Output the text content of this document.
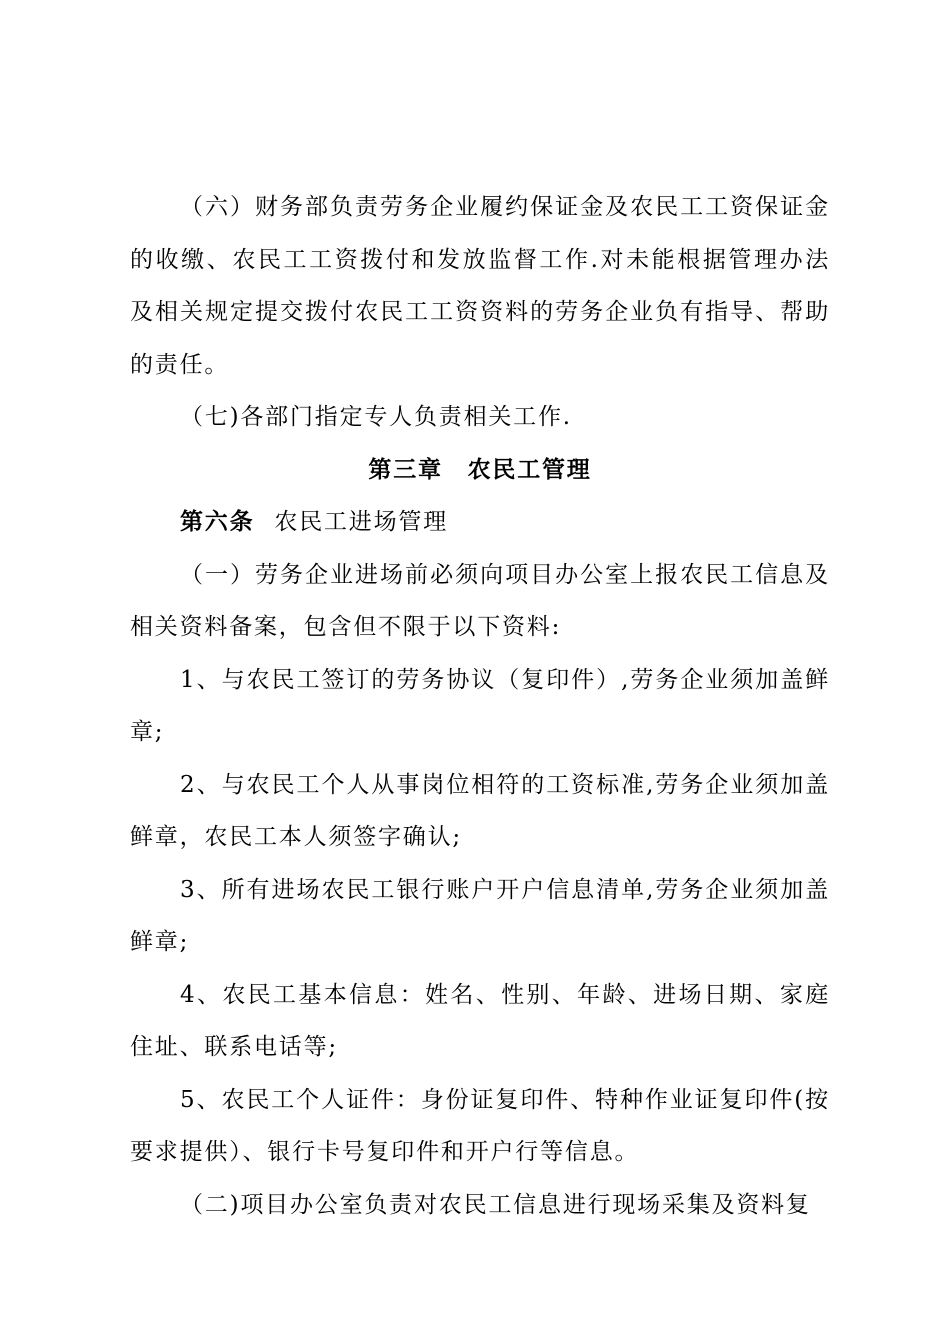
（六）财务部负责劳务企业履约保证金及农民工工资保证金的收缴、农民工工资拨付和发放监督工作.对未能根据管理办法及相关规定提交拨付农民工工资资料的劳务企业负有指导、帮助的责任。

（七)各部门指定专人负责相关工作.

第三章　农民工管理

第六条 农民工进场管理

（一）劳务企业进场前必须向项目办公室上报农民工信息及相关资料备案，包含但不限于以下资料:

1、与农民工签订的劳务协议（复印件）,劳务企业须加盖鲜章;

2、与农民工个人从事岗位相符的工资标准,劳务企业须加盖鲜章，农民工本人须签字确认;

3、所有进场农民工银行账户开户信息清单,劳务企业须加盖鲜章;

4、农民工基本信息：姓名、性别、年龄、进场日期、家庭住址、联系电话等;

5、农民工个人证件：身份证复印件、特种作业证复印件(按要求提供）、银行卡号复印件和开户行等信息。

（二)项目办公室负责对农民工信息进行现场采集及资料复
